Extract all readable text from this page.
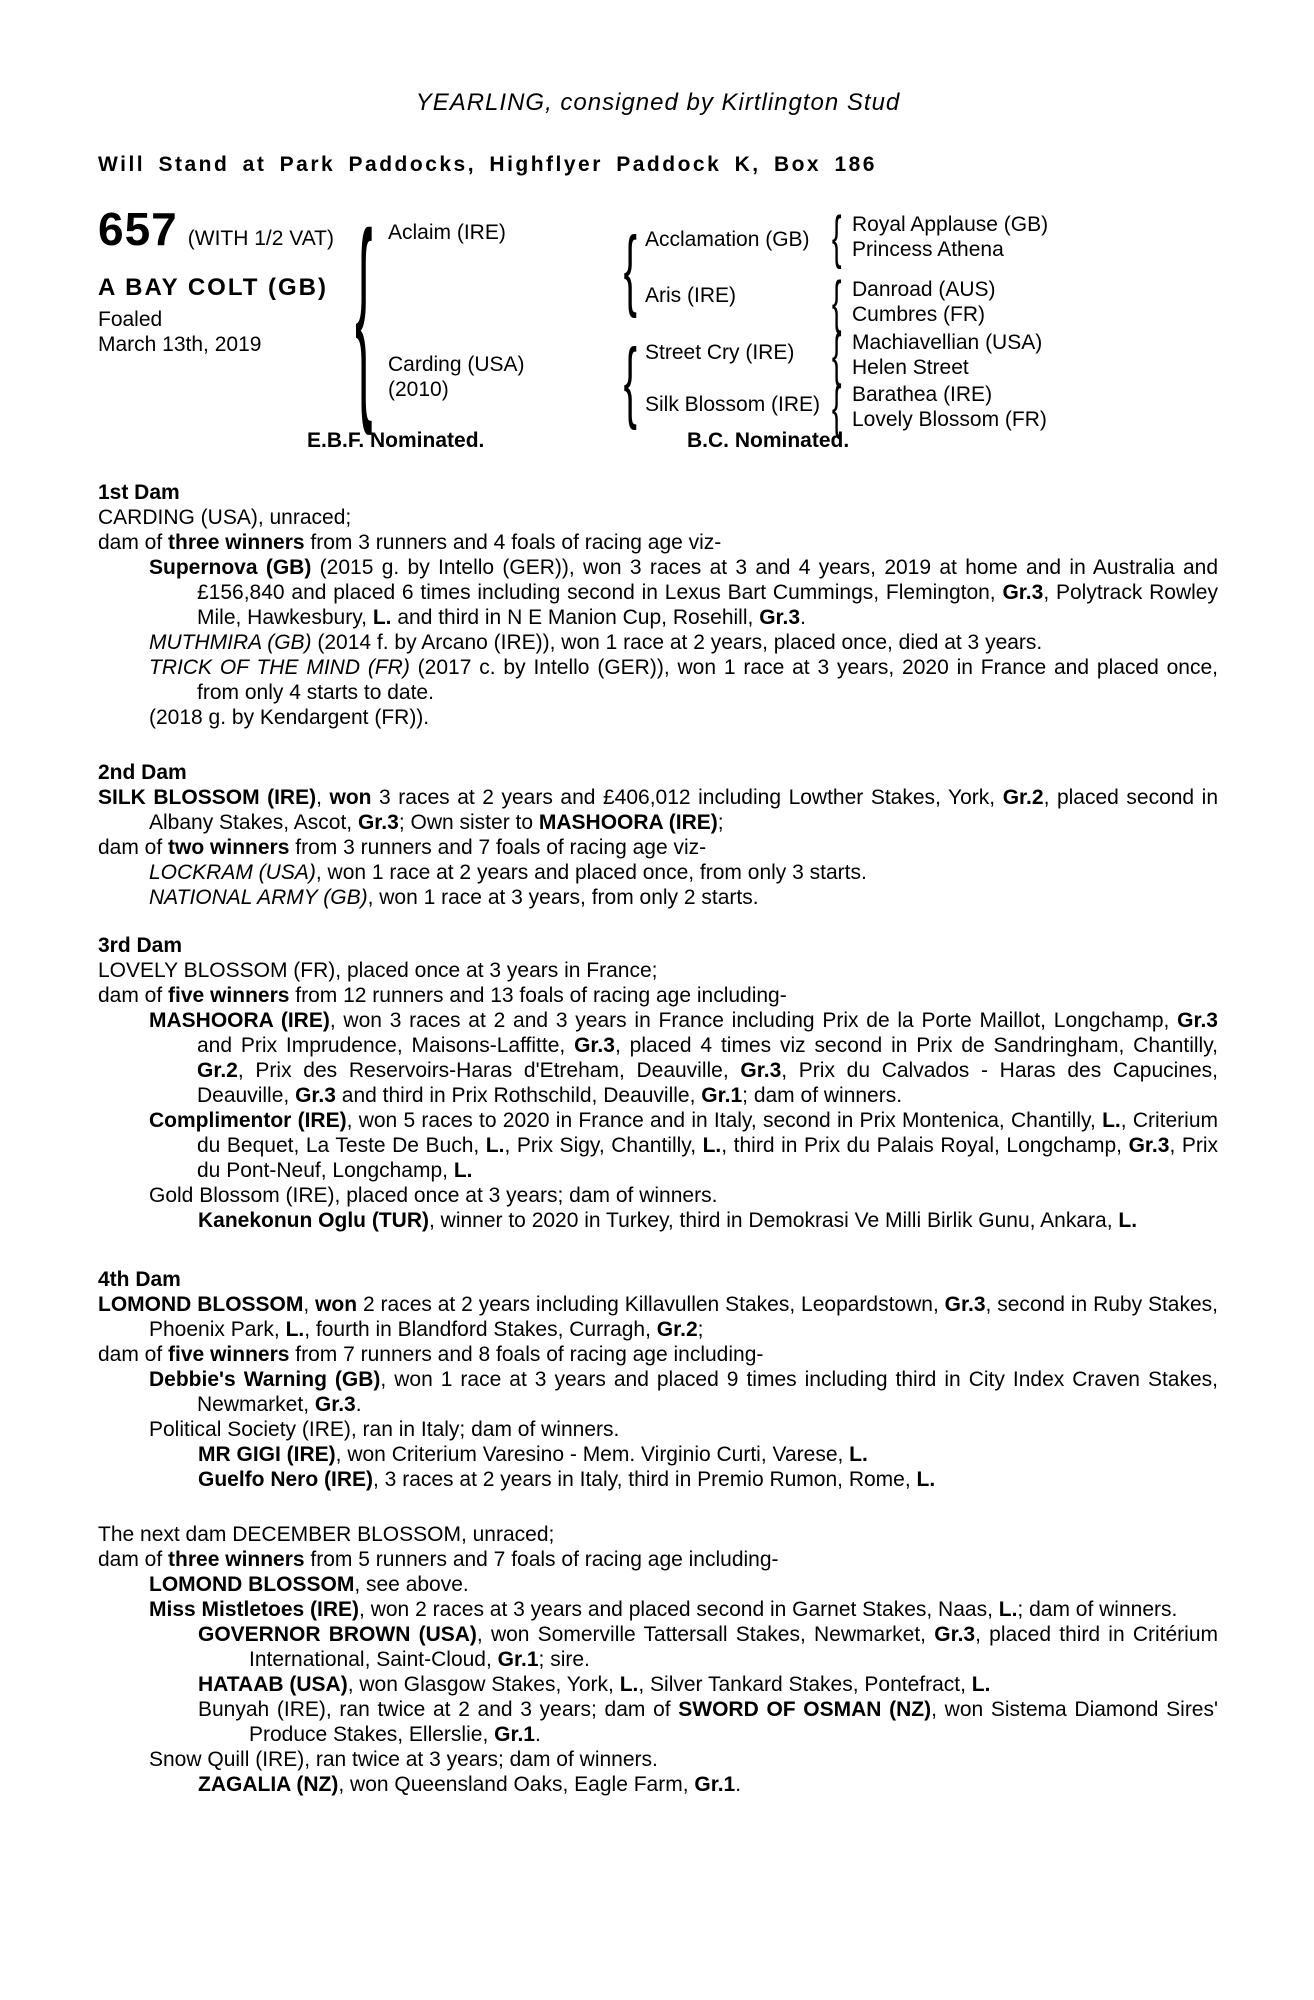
YEARLING, consigned by Kirtlington Stud
Will Stand at Park Paddocks, Highflyer Paddock K, Box 186
657 (WITH 1/2 VAT)
A BAY COLT (GB)
Foaled
March 13th, 2019 { Aclaim (IRE)
Carding (USA)
(2010)
{
{
Acclamation (GB)
Aris (IRE)
Street Cry (IRE)
Silk Blossom (IRE)
{
{
{
{
Royal Applause (GB)
Princess Athena
Danroad (AUS)
Cumbres (FR)
Machiavellian (USA)
Helen Street
Barathea (IRE)
Lovely Blossom (FR)
E.B.F. Nominated.	B.C. Nominated.

1st Dam

CARDING (USA), unraced;

dam of three winners from 3 runners and 4 foals of racing age viz-

Supernova (GB) (2015 g. by Intello (GER)), won 3 races at 3 and 4 years, 2019 at home and in Australia and £156,840 and placed 6 times including second in Lexus Bart Cummings, Flemington, Gr.3, Polytrack Rowley Mile, Hawkesbury, L. and third in N E Manion Cup, Rosehill, Gr.3.

MUTHMIRA (GB) (2014 f. by Arcano (IRE)), won 1 race at 2 years, placed once, died at 3 years.

TRICK OF THE MIND (FR) (2017 c. by Intello (GER)), won 1 race at 3 years, 2020 in France and placed once, from only 4 starts to date.

(2018 g. by Kendargent (FR)).

2nd Dam

SILK BLOSSOM (IRE), won 3 races at 2 years and £406,012 including Lowther Stakes, York, Gr.2, placed second in Albany Stakes, Ascot, Gr.3; Own sister to MASHOORA (IRE);

dam of two winners from 3 runners and 7 foals of racing age viz-

LOCKRAM (USA), won 1 race at 2 years and placed once, from only 3 starts.

NATIONAL ARMY (GB), won 1 race at 3 years, from only 2 starts.

3rd Dam

LOVELY BLOSSOM (FR), placed once at 3 years in France;

dam of five winners from 12 runners and 13 foals of racing age including-

MASHOORA (IRE), won 3 races at 2 and 3 years in France including Prix de la Porte Maillot, Longchamp, Gr.3 and Prix Imprudence, Maisons-Laffitte, Gr.3, placed 4 times viz second in Prix de Sandringham, Chantilly, Gr.2, Prix des Reservoirs-Haras d'Etreham, Deauville, Gr.3, Prix du Calvados - Haras des Capucines, Deauville, Gr.3 and third in Prix Rothschild, Deauville, Gr.1; dam of winners.

Complimentor (IRE), won 5 races to 2020 in France and in Italy, second in Prix Montenica, Chantilly, L., Criterium du Bequet, La Teste De Buch, L., Prix Sigy, Chantilly, L., third in Prix du Palais Royal, Longchamp, Gr.3, Prix du Pont-Neuf, Longchamp, L.

Gold Blossom (IRE), placed once at 3 years; dam of winners.

Kanekonun Oglu (TUR), winner to 2020 in Turkey, third in Demokrasi Ve Milli Birlik Gunu, Ankara, L.

4th Dam

LOMOND BLOSSOM, won 2 races at 2 years including Killavullen Stakes, Leopardstown, Gr.3, second in Ruby Stakes, Phoenix Park, L., fourth in Blandford Stakes, Curragh, Gr.2;

dam of five winners from 7 runners and 8 foals of racing age including-

Debbie's Warning (GB), won 1 race at 3 years and placed 9 times including third in City Index Craven Stakes, Newmarket, Gr.3.

Political Society (IRE), ran in Italy; dam of winners.

MR GIGI (IRE), won Criterium Varesino - Mem. Virginio Curti, Varese, L.

Guelfo Nero (IRE), 3 races at 2 years in Italy, third in Premio Rumon, Rome, L.

The next dam DECEMBER BLOSSOM, unraced;

dam of three winners from 5 runners and 7 foals of racing age including-

LOMOND BLOSSOM, see above.

Miss Mistletoes (IRE), won 2 races at 3 years and placed second in Garnet Stakes, Naas, L.; dam of winners.

GOVERNOR BROWN (USA), won Somerville Tattersall Stakes, Newmarket, Gr.3, placed third in Critérium International, Saint-Cloud, Gr.1; sire.

HATAAB (USA), won Glasgow Stakes, York, L., Silver Tankard Stakes, Pontefract, L.

Bunyah (IRE), ran twice at 2 and 3 years; dam of SWORD OF OSMAN (NZ), won Sistema Diamond Sires' Produce Stakes, Ellerslie, Gr.1.

Snow Quill (IRE), ran twice at 3 years; dam of winners.

ZAGALIA (NZ), won Queensland Oaks, Eagle Farm, Gr.1.
